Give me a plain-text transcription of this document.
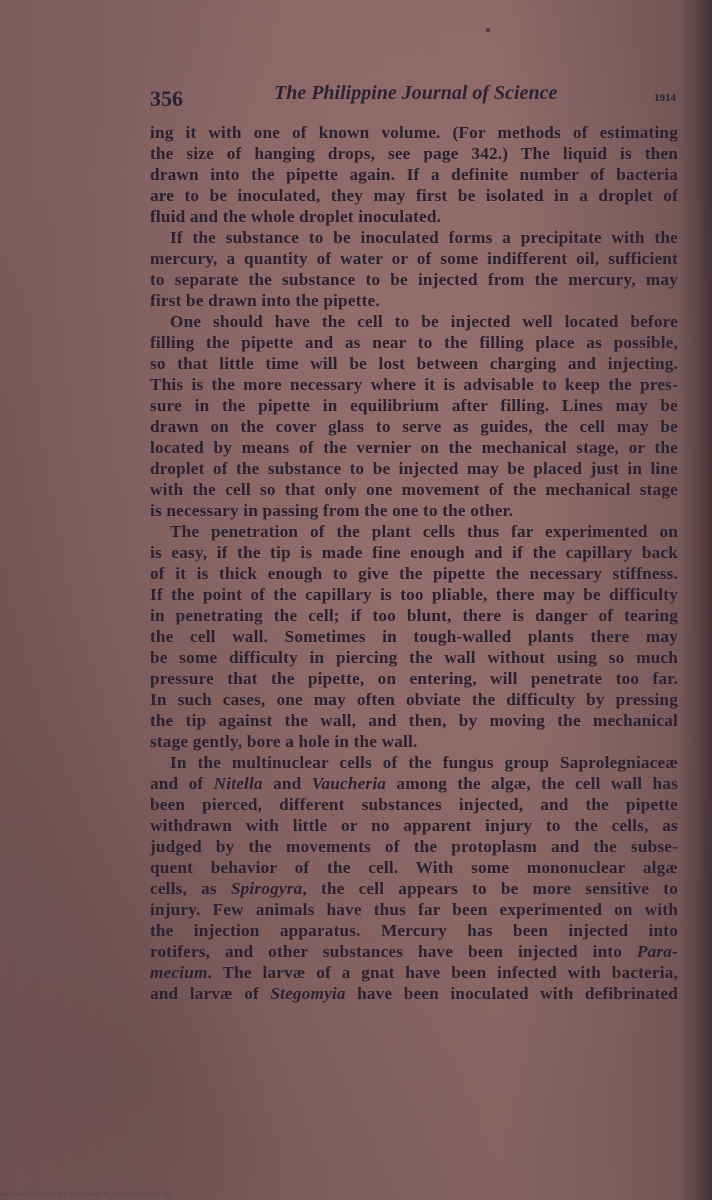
356	The Philippine Journal of Science	1914

ing it with one of known volume. (For methods of estimating
the size of hanging drops, see page 342.) The liquid is then
drawn into the pipette again. If a definite number of bacteria
are to be inoculated, they may first be isolated in a droplet of
fluid and the whole droplet inoculated.

If the substance to be inoculated forms a precipitate with the
mercury, a quantity of water or of some indifferent oil, sufficient
to separate the substance to be injected from the mercury, may
first be drawn into the pipette.

One should have the cell to be injected well located before
filling the pipette and as near to the filling place as possible,
so that little time will be lost between charging and injecting.
This is the more necessary where it is advisable to keep the pres-
sure in the pipette in equilibrium after filling. Lines may be
drawn on the cover glass to serve as guides, the cell may be
located by means of the vernier on the mechanical stage, or the
droplet of the substance to be injected may be placed just in line
with the cell so that only one movement of the mechanical stage
is necessary in passing from the one to the other.

The penetration of the plant cells thus far experimented on
is easy, if the tip is made fine enough and if the capillary back
of it is thick enough to give the pipette the necessary stiffness.
If the point of the capillary is too pliable, there may be difficulty
in penetrating the cell; if too blunt, there is danger of tearing
the cell wall. Sometimes in tough-walled plants there may
be some difficulty in piercing the wall without using so much
pressure that the pipette, on entering, will penetrate too far.
In such cases, one may often obviate the difficulty by pressing
the tip against the wall, and then, by moving the mechanical
stage gently, bore a hole in the wall.

In the multinuclear cells of the fungus group Saprolegniaceæ
and of Nitella and Vaucheria among the algæ, the cell wall has
been pierced, different substances injected, and the pipette
withdrawn with little or no apparent injury to the cells, as
judged by the movements of the protoplasm and the subse-
quent behavior of the cell. With some mononuclear algæ
cells, as Spirogyra, the cell appears to be more sensitive to
injury. Few animals have thus far been experimented on with
the injection apparatus. Mercury has been injected into
rotifers, and other substances have been injected into Para-
mecium. The larvæ of a gnat have been infected with bacteria,
and larvæ of Stegomyia have been inoculated with defibrinated

National Library of the Philippines NLPH-000 |||||| 000 ||||
